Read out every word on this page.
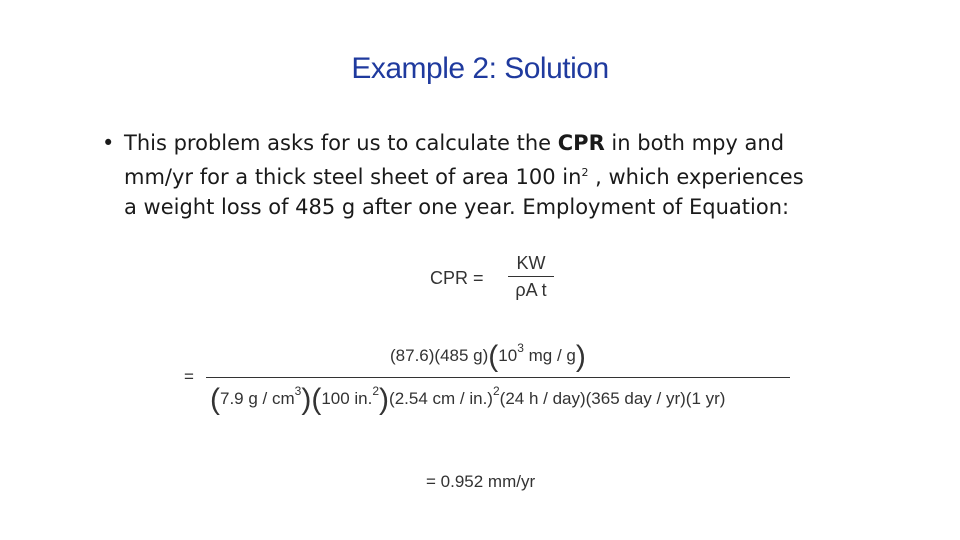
Example 2: Solution
• This problem asks for us to calculate the CPR in both mpy and
mm/yr for a thick steel sheet of area 100 $in^2$ , which experiences
a weight loss of 485 g after one year. Employment of Equation:
CPR =
KW
ρA t
=
(87.6)(485 $g)(10^3$ mg / g)
(7.9 g / $cm^3)(100$ in.$^2$)(2.54 cm / in.)$^2$(24 h / day)(365 day / yr)(1 yr)
= 0.952 mm/yr
